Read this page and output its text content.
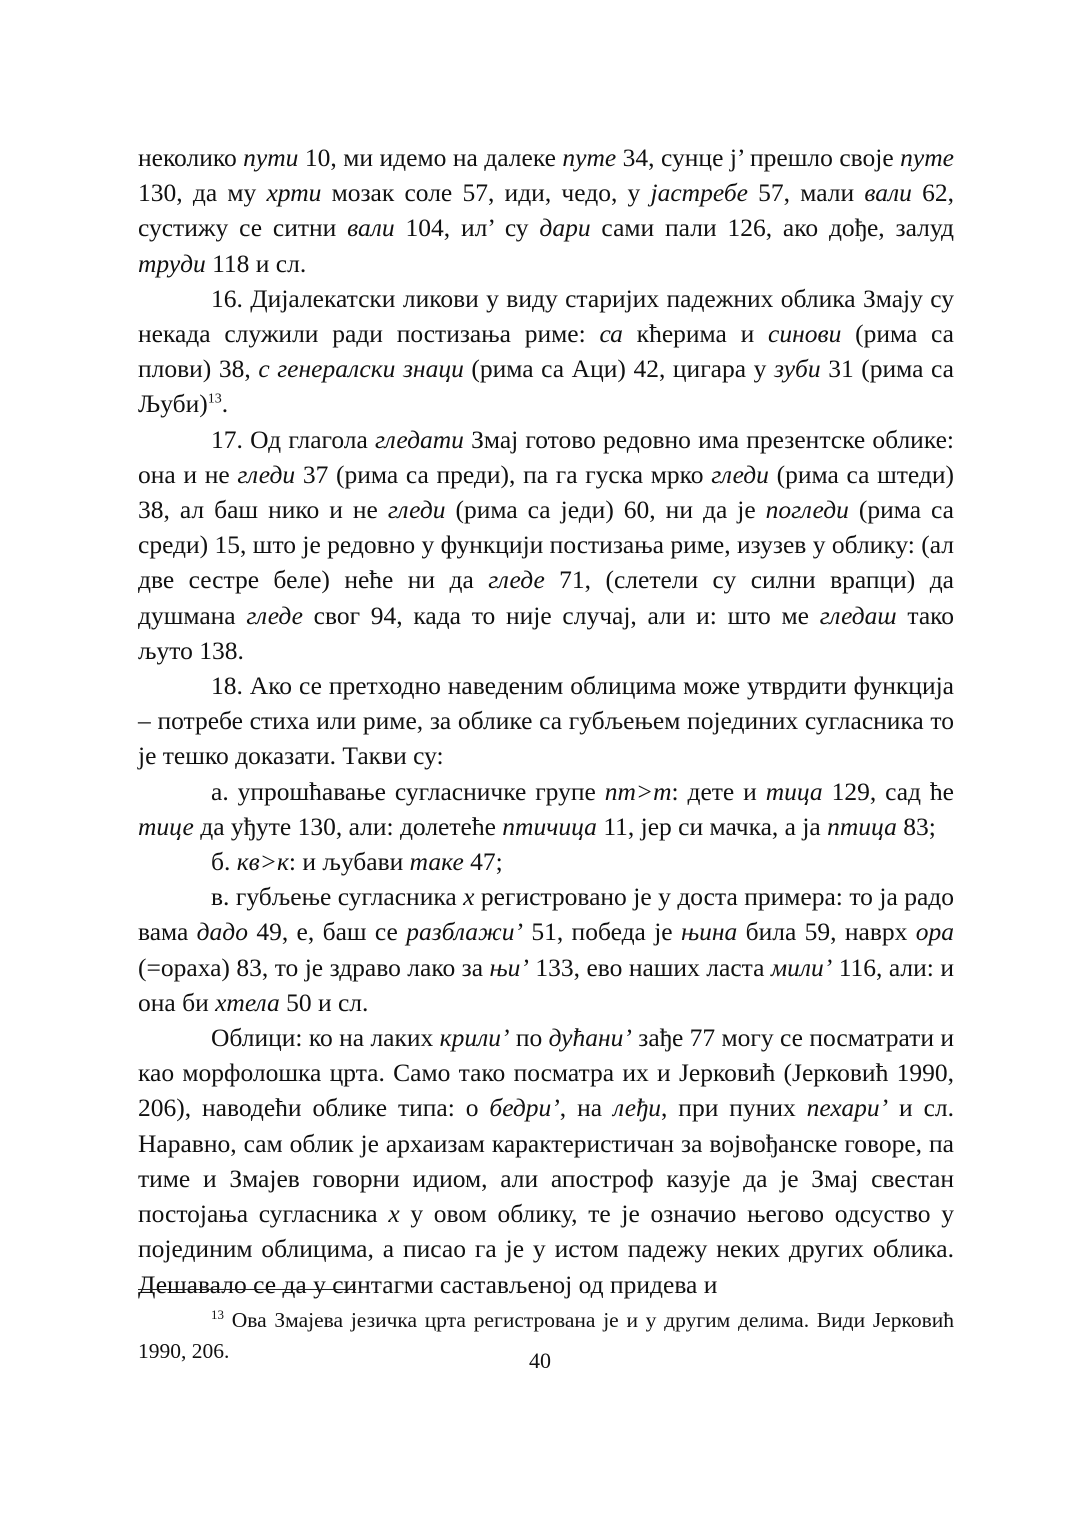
неколико пути 10, ми идемо на далеке путе 34, сунце ј’ прешло своје путе 130, да му хрти мозак соле 57, иди, чедо, у јастребе 57, мали вали 62, сустижу се ситни вали 104, ил’ су дари сами пали 126, ако дође, залуд труди 118 и сл.

16. Дијалекатски ликови у виду старијих падежних облика Змају су некада служили ради постизања риме: са кћерима и синови (рима са плови) 38, с генералски знаци (рима са Аци) 42, цигара у зуби 31 (рима са Љуби)$^{13}$.

17. Од глагола гледати Змај готово редовно има презентске облике: она и не гледи 37 (рима са преди), па га гуска мрко гледи (рима са штеди) 38, ал баш нико и не гледи (рима са једи) 60, ни да је погледи (рима са среди) 15, што је редовно у функцији постизања риме, изузев у облику: (ал две сестре беле) неће ни да гледе 71, (слетели су силни врапци) да душмана гледе свог 94, када то није случај, али и: што ме гледаш тако љуто 138.

18. Ако се претходно наведеним облицима може утврдити функција – потребе стиха или риме, за облике са губљењем појединих сугласника то је тешко доказати. Такви су:

а. упрошћавање сугласничке групе пт>т: дете и тица 129, сад ће тице да уђуте 130, али: долетеће птичица 11, јер си мачка, а ја птица 83;

б. кв>к: и љубави таке 47;

в. губљење сугласника х регистровано је у доста примера: то ја радо вама дадо 49, е, баш се разблажи’ 51, победа је њина била 59, наврх ора (=ораха) 83, то је здраво лако за њи’ 133, ево наших ласта мили’ 116, али: и она би хтела 50 и сл.

Облици: ко на лаких крили’ по дућани’ зађе 77 могу се посматрати и као морфолошка црта. Само тако посматра их и Јерковић (Јерковић 1990, 206), наводећи облике типа: о бедри’, на леђи, при пуних пехари’ и сл. Наравно, сам облик је архаизам карактеристичан за војвођанске говоре, па тиме и Змајев говорни идиом, али апостроф казује да је Змај свестан постојања сугласника х у овом облику, те је означио његово одсуство у појединим облицима, а писао га је у истом падежу неких других облика. Дешавало се да у синтагми састављеној од придева и

$^{13}$ Ова Змајева језичка црта регистрована је и у другим делима. Види Јерковић 1990, 206.	40
